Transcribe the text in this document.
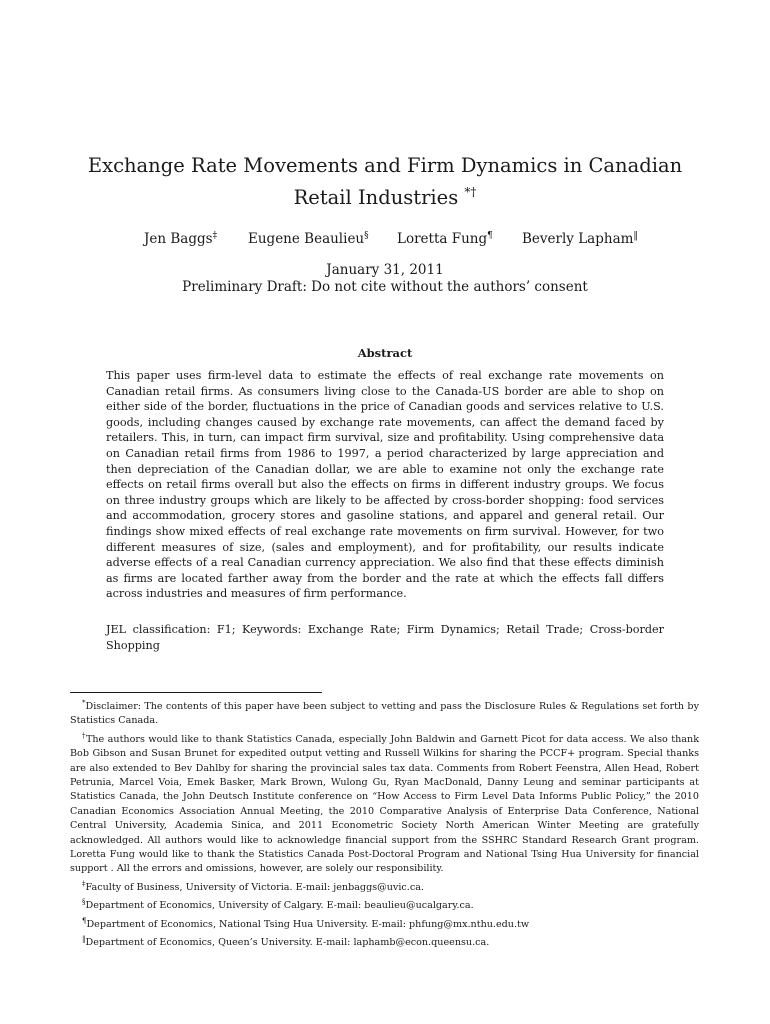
Exchange Rate Movements and Firm Dynamics in Canadian Retail Industries *†
Jen Baggs‡ Eugene Beaulieu§ Loretta Fung¶ Beverly Lapham‖
January 31, 2011
Preliminary Draft: Do not cite without the authors’ consent
Abstract

This paper uses firm-level data to estimate the effects of real exchange rate movements on Canadian retail firms. As consumers living close to the Canada-US border are able to shop on either side of the border, fluctuations in the price of Canadian goods and services relative to U.S. goods, including changes caused by exchange rate movements, can affect the demand faced by retailers. This, in turn, can impact firm survival, size and profitability. Using comprehensive data on Canadian retail firms from 1986 to 1997, a period characterized by large appreciation and then depreciation of the Canadian dollar, we are able to examine not only the exchange rate effects on retail firms overall but also the effects on firms in different industry groups. We focus on three industry groups which are likely to be affected by cross-border shopping: food services and accommodation, grocery stores and gasoline stations, and apparel and general retail. Our findings show mixed effects of real exchange rate movements on firm survival. However, for two different measures of size, (sales and employment), and for profitability, our results indicate adverse effects of a real Canadian currency appreciation. We also find that these effects diminish as firms are located farther away from the border and the rate at which the effects fall differs across industries and measures of firm performance.

JEL classification: F1; Keywords: Exchange Rate; Firm Dynamics; Retail Trade; Cross-border Shopping

*Disclaimer: The contents of this paper have been subject to vetting and pass the Disclosure Rules & Regulations set forth by Statistics Canada.

†The authors would like to thank Statistics Canada, especially John Baldwin and Garnett Picot for data access. We also thank Bob Gibson and Susan Brunet for expedited output vetting and Russell Wilkins for sharing the PCCF+ program. Special thanks are also extended to Bev Dahlby for sharing the provincial sales tax data. Comments from Robert Feenstra, Allen Head, Robert Petrunia, Marcel Voia, Emek Basker, Mark Brown, Wulong Gu, Ryan MacDonald, Danny Leung and seminar participants at Statistics Canada, the John Deutsch Institute conference on “How Access to Firm Level Data Informs Public Policy,” the 2010 Canadian Economics Association Annual Meeting, the 2010 Comparative Analysis of Enterprise Data Conference, National Central University, Academia Sinica, and 2011 Econometric Society North American Winter Meeting are gratefully acknowledged. All authors would like to acknowledge financial support from the SSHRC Standard Research Grant program. Loretta Fung would like to thank the Statistics Canada Post-Doctoral Program and National Tsing Hua University for financial support . All the errors and omissions, however, are solely our responsibility.

‡Faculty of Business, University of Victoria. E-mail: jenbaggs@uvic.ca.

§Department of Economics, University of Calgary. E-mail: beaulieu@ucalgary.ca.

¶Department of Economics, National Tsing Hua University. E-mail: phfung@mx.nthu.edu.tw

‖Department of Economics, Queen’s University. E-mail: laphamb@econ.queensu.ca.
